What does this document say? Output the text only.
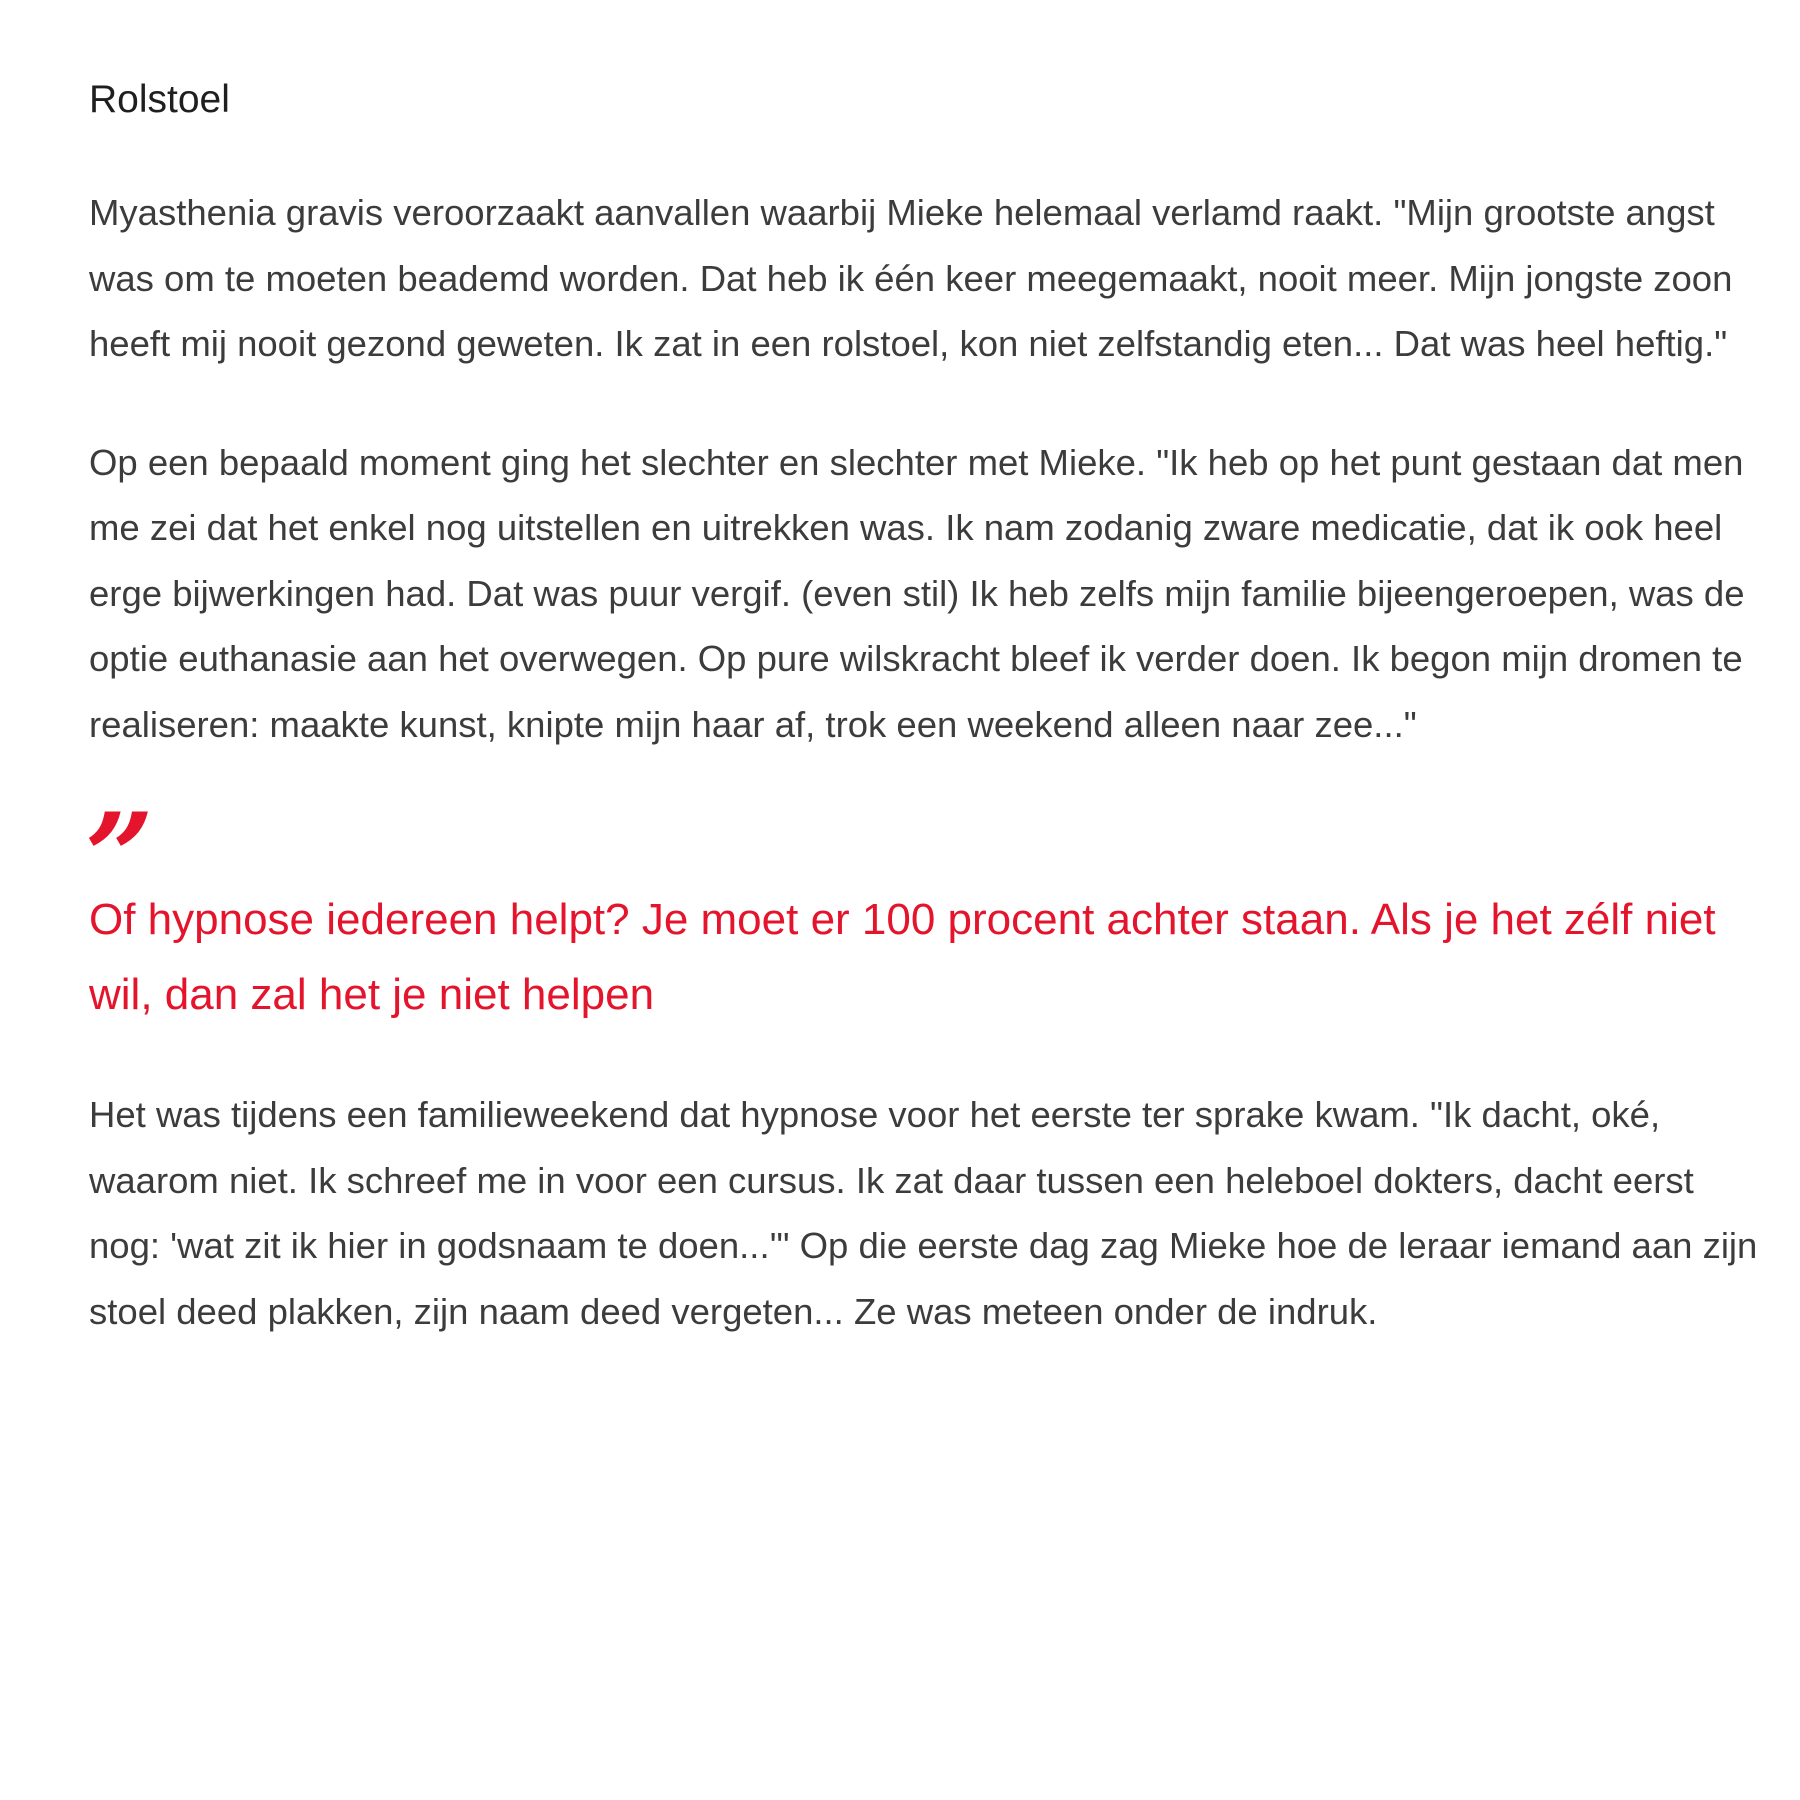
Rolstoel

Myasthenia gravis veroorzaakt aanvallen waarbij Mieke helemaal verlamd raakt. "Mijn grootste angst was om te moeten beademd worden. Dat heb ik één keer meegemaakt, nooit meer. Mijn jongste zoon heeft mij nooit gezond geweten. Ik zat in een rolstoel, kon niet zelfstandig eten... Dat was heel heftig."

Op een bepaald moment ging het slechter en slechter met Mieke. "Ik heb op het punt gestaan dat men me zei dat het enkel nog uitstellen en uitrekken was. Ik nam zodanig zware medicatie, dat ik ook heel erge bijwerkingen had. Dat was puur vergif. (even stil) Ik heb zelfs mijn familie bijeengeroepen, was de optie euthanasie aan het overwegen. Op pure wilskracht bleef ik verder doen. Ik begon mijn dromen te realiseren: maakte kunst, knipte mijn haar af, trok een weekend alleen naar zee..."

”

Of hypnose iedereen helpt? Je moet er 100 procent achter staan. Als je het zélf niet wil, dan zal het je niet helpen

Het was tijdens een familieweekend dat hypnose voor het eerste ter sprake kwam. "Ik dacht, oké, waarom niet. Ik schreef me in voor een cursus. Ik zat daar tussen een heleboel dokters, dacht eerst nog: 'wat zit ik hier in godsnaam te doen...'" Op die eerste dag zag Mieke hoe de leraar iemand aan zijn stoel deed plakken, zijn naam deed vergeten... Ze was meteen onder de indruk.
